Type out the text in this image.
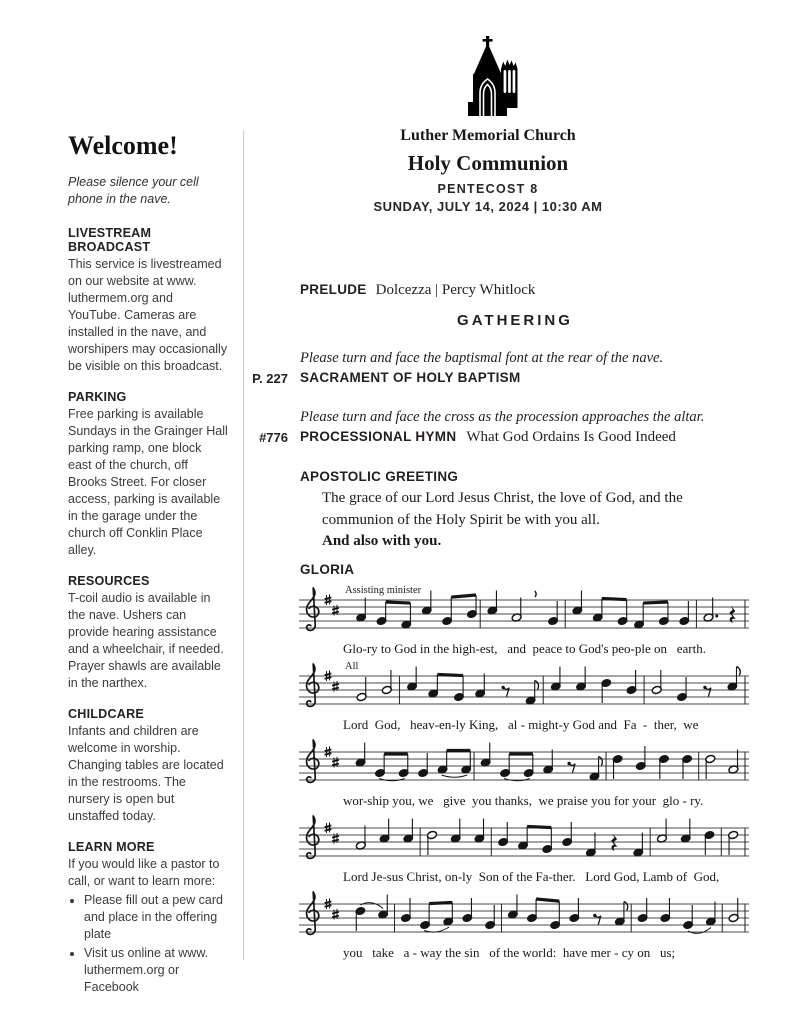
Welcome!

Please silence your cell phone in the nave.

LIVESTREAM BROADCAST

This service is livestreamed on our website at www. luthermem.org and YouTube. Cameras are installed in the nave, and worshipers may occasionally be visible on this broadcast.

PARKING

Free parking is available Sundays in the Grainger Hall parking ramp, one block east of the church, off Brooks Street. For closer access, parking is available in the garage under the church off Conklin Place alley.

RESOURCES

T-coil audio is available in the nave. Ushers can provide hearing assistance and a wheelchair, if needed. Prayer shawls are available in the narthex.

CHILDCARE

Infants and children are welcome in worship. Changing tables are located in the restrooms. The nursery is open but unstaffed today.

LEARN MORE

If you would like a pastor to call, or want to learn more:

• Please fill out a pew card and place in the offering plate
• Visit us online at www. luthermem.org or Facebook
Luther Memorial Church
Holy Communion
PENTECOST 8
SUNDAY, JULY 14, 2024 | 10:30 AM
PRELUDE Dolcezza | Percy Whitlock
GATHERING
Please turn and face the baptismal font at the rear of the nave.
P. 227 SACRAMENT OF HOLY BAPTISM
Please turn and face the cross as the procession approaches the altar.
#776 PROCESSIONAL HYMN What God Ordains Is Good Indeed
APOSTOLIC GREETING
The grace of our Lord Jesus Christ, the love of God, and the
communion of the Holy Spirit be with you all.
And also with you.
GLORIA
Assisting minister
Glo-ry to God in the high-est,   and  peace to God's peo-ple on   earth.
All
Lord  God,   heav-en-ly King,   al - might-y God and  Fa  -  ther,  we
wor-ship you, we   give  you thanks,  we praise you for your  glo - ry.
Lord Je-sus Christ, on-ly  Son of the Fa-ther.   Lord God, Lamb of  God,
you   take   a - way the sin   of the world:  have mer - cy on   us;
